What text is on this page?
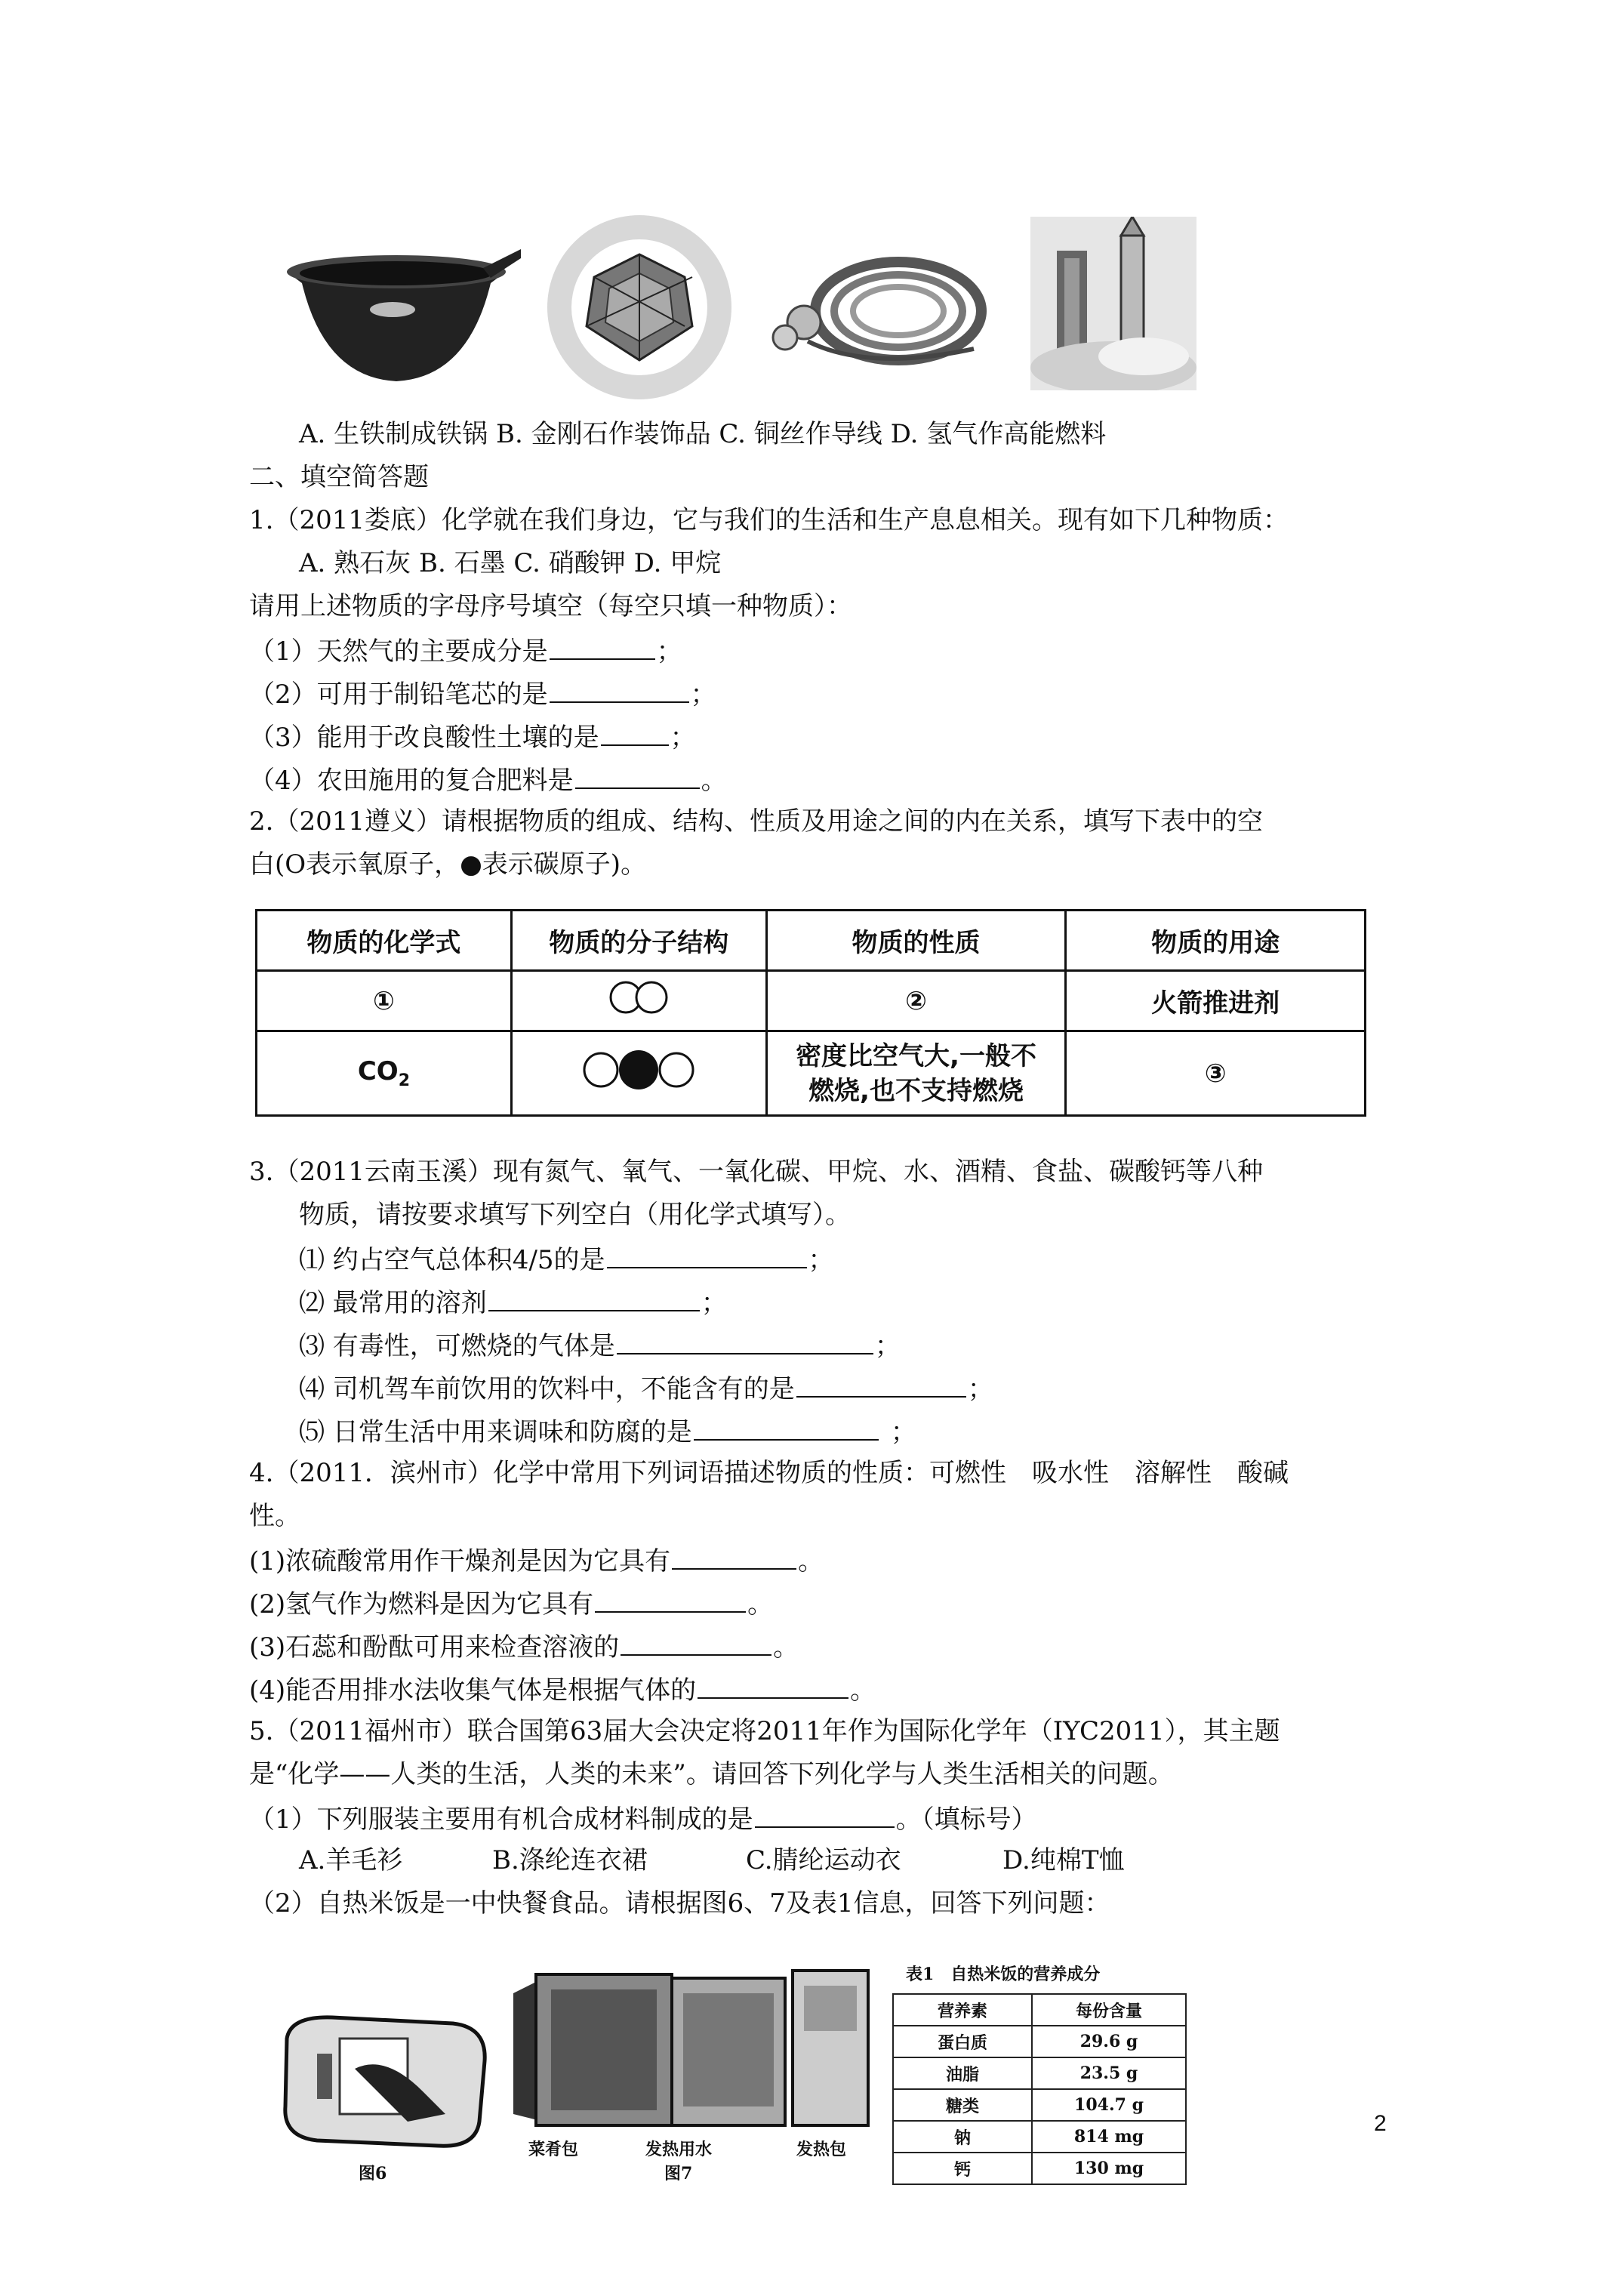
A. 生铁制成铁锅 B. 金刚石作装饰品 C. 铜丝作导线 D. 氢气作高能燃料
二、填空简答题
1.（2011娄底）化学就在我们身边，它与我们的生活和生产息息相关。现有如下几种物质：
A. 熟石灰 B. 石墨 C. 硝酸钾 D. 甲烷
请用上述物质的字母序号填空（每空只填一种物质）：
（1）天然气的主要成分是	；
（2）可用于制铅笔芯的是	；
（3）能用于改良酸性土壤的是	；
（4）农田施用的复合肥料是	。
2.（2011遵义）请根据物质的组成、结构、性质及用途之间的内在关系，填写下表中的空
白(O表示氧原子，●表示碳原子)。
物质的化学式	物质的分子结构	物质的性质	物质的用途
①		②	火箭推进剂
$CO_2$		密度比空气大,一般不
燃烧,也不支持燃烧	③
3.（2011云南玉溪）现有氮气、氧气、一氧化碳、甲烷、水、酒精、食盐、碳酸钙等八种
物质，请按要求填写下列空白（用化学式填写）。
⑴ 约占空气总体积4/5的是	；
⑵ 最常用的溶剂	；
⑶ 有毒性，可燃烧的气体是	；
⑷ 司机驾车前饮用的饮料中，不能含有的是	；
⑸ 日常生活中用来调味和防腐的是	；
4.（2011．滨州市）化学中常用下列词语描述物质的性质：可燃性　吸水性　溶解性　酸碱
性。
(1)浓硫酸常用作干燥剂是因为它具有	。
(2)氢气作为燃料是因为它具有	。
(3)石蕊和酚酞可用来检查溶液的	。
(4)能否用排水法收集气体是根据气体的	。
5.（2011福州市）联合国第63届大会决定将2011年作为国际化学年（IYC2011），其主题
是“化学——人类的生活，人类的未来”。请回答下列化学与人类生活相关的问题。
（1）下列服装主要用有机合成材料制成的是	。（填标号）
A.羊毛衫	B.涤纶连衣裙	C.腈纶运动衣	D.纯棉T恤
（2）自热米饭是一中快餐食品。请根据图6、7及表1信息，回答下列问题：
图6
菜肴包	发热用水	发热包
图7
表1　自热米饭的营养成分
营养素	每份含量
蛋白质	29.6 g
油脂	23.5 g
糖类	104.7 g
钠	814 mg
钙	130 mg
2
